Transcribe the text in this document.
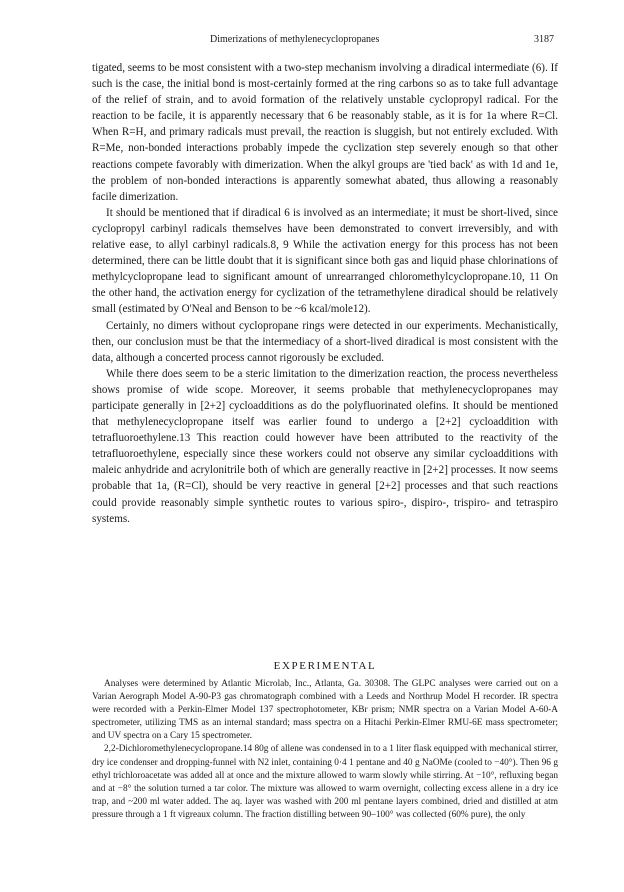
Dimerizations of methylenecyclopropanes	3187

tigated, seems to be most consistent with a two-step mechanism involving a diradical intermediate (6). If such is the case, the initial bond is most-certainly formed at the ring carbons so as to take full advantage of the relief of strain, and to avoid formation of the relatively unstable cyclopropyl radical. For the reaction to be facile, it is apparently necessary that 6 be reasonably stable, as it is for 1a where R=Cl. When R=H, and primary radicals must prevail, the reaction is sluggish, but not entirely excluded. With R=Me, non-bonded interactions probably impede the cyclization step severely enough so that other reactions compete favorably with dimerization. When the alkyl groups are 'tied back' as with 1d and 1e, the problem of non-bonded interactions is apparently somewhat abated, thus allowing a reasonably facile dimerization.

It should be mentioned that if diradical 6 is involved as an intermediate; it must be short-lived, since cyclopropyl carbinyl radicals themselves have been demonstrated to convert irreversibly, and with relative ease, to allyl carbinyl radicals.8, 9 While the activation energy for this process has not been determined, there can be little doubt that it is significant since both gas and liquid phase chlorinations of methylcyclopropane lead to significant amount of unrearranged chloromethylcyclopropane.10, 11 On the other hand, the activation energy for cyclization of the tetramethylene diradical should be relatively small (estimated by O'Neal and Benson to be ~6 kcal/mole12).

Certainly, no dimers without cyclopropane rings were detected in our experiments. Mechanistically, then, our conclusion must be that the intermediacy of a short-lived diradical is most consistent with the data, although a concerted process cannot rigorously be excluded.

While there does seem to be a steric limitation to the dimerization reaction, the process nevertheless shows promise of wide scope. Moreover, it seems probable that methylenecyclopropanes may participate generally in [2+2] cycloadditions as do the polyfluorinated olefins. It should be mentioned that methylenecyclopropane itself was earlier found to undergo a [2+2] cycloaddition with tetrafluoroethylene.13 This reaction could however have been attributed to the reactivity of the tetrafluoroethylene, especially since these workers could not observe any similar cycloadditions with maleic anhydride and acrylonitrile both of which are generally reactive in [2+2] processes. It now seems probable that 1a, (R=Cl), should be very reactive in general [2+2] processes and that such reactions could provide reasonably simple synthetic routes to various spiro-, dispiro-, trispiro- and tetraspiro systems.

EXPERIMENTAL

Analyses were determined by Atlantic Microlab, Inc., Atlanta, Ga. 30308. The GLPC analyses were carried out on a Varian Aerograph Model A-90-P3 gas chromatograph combined with a Leeds and Northrup Model H recorder. IR spectra were recorded with a Perkin-Elmer Model 137 spectrophotometer, KBr prism; NMR spectra on a Varian Model A-60-A spectrometer, utilizing TMS as an internal standard; mass spectra on a Hitachi Perkin-Elmer RMU-6E mass spectrometer; and UV spectra on a Cary 15 spectrometer.

2,2-Dichloromethylenecyclopropane.14 80g of allene was condensed in to a 1 liter flask equipped with mechanical stirrer, dry ice condenser and dropping-funnel with N2 inlet, containing 0·4 1 pentane and 40 g NaOMe (cooled to −40°). Then 96 g ethyl trichloroacetate was added all at once and the mixture allowed to warm slowly while stirring. At −10°, refluxing began and at −8° the solution turned a tar color. The mixture was allowed to warm overnight, collecting excess allene in a dry ice trap, and ~200 ml water added. The aq. layer was washed with 200 ml pentane layers combined, dried and distilled at atm pressure through a 1 ft vigreaux column. The fraction distilling between 90–100° was collected (60% pure), the only
